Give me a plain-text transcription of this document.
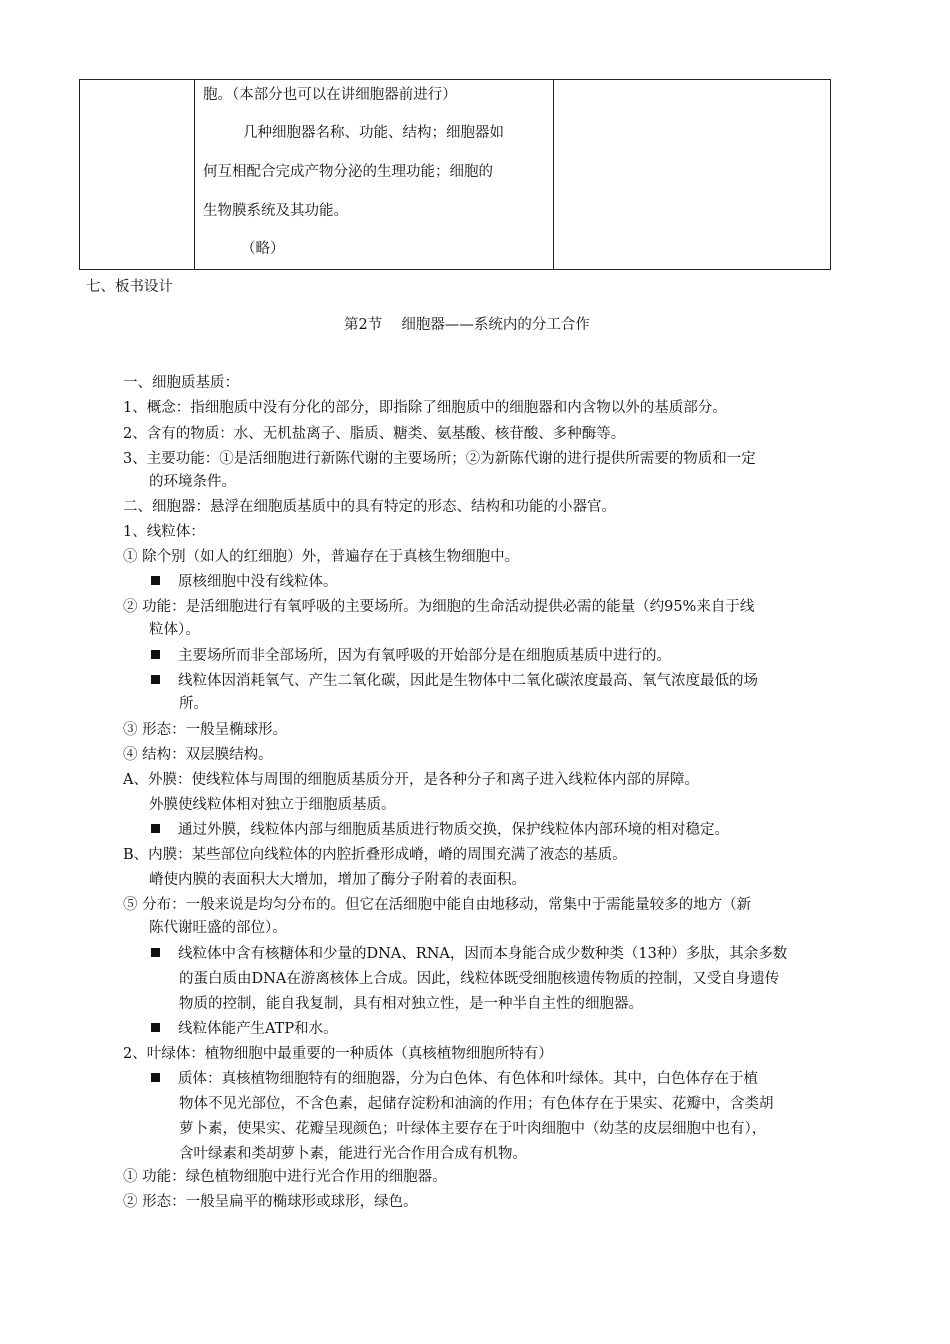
胞。（本部分也可以在讲细胞器前进行）
几种细胞器名称、功能、结构；细胞器如
何互相配合完成产物分泌的生理功能；细胞的
生物膜系统及其功能。
（略）
七、板书设计
第2节　 细胞器——系统内的分工合作
一、细胞质基质：
1、概念：指细胞质中没有分化的部分，即指除了细胞质中的细胞器和内含物以外的基质部分。
2、含有的物质：水、无机盐离子、脂质、糖类、氨基酸、核苷酸、多种酶等。
3、主要功能：①是活细胞进行新陈代谢的主要场所；②为新陈代谢的进行提供所需要的物质和一定
的环境条件。
二、细胞器：悬浮在细胞质基质中的具有特定的形态、结构和功能的小器官。
1、线粒体：
① 除个别（如人的红细胞）外，普遍存在于真核生物细胞中。
原核细胞中没有线粒体。
② 功能：是活细胞进行有氧呼吸的主要场所。为细胞的生命活动提供必需的能量（约95%来自于线
粒体）。
主要场所而非全部场所，因为有氧呼吸的开始部分是在细胞质基质中进行的。
线粒体因消耗氧气、产生二氧化碳，因此是生物体中二氧化碳浓度最高、氧气浓度最低的场
所。
③ 形态：一般呈椭球形。
④ 结构：双层膜结构。
A、外膜：使线粒体与周围的细胞质基质分开，是各种分子和离子进入线粒体内部的屏障。
外膜使线粒体相对独立于细胞质基质。
通过外膜，线粒体内部与细胞质基质进行物质交换，保护线粒体内部环境的相对稳定。
B、内膜：某些部位向线粒体的内腔折叠形成嵴，嵴的周围充满了液态的基质。
嵴使内膜的表面积大大增加，增加了酶分子附着的表面积。
⑤ 分布：一般来说是均匀分布的。但它在活细胞中能自由地移动，常集中于需能量较多的地方（新
陈代谢旺盛的部位）。
线粒体中含有核糖体和少量的DNA、RNA，因而本身能合成少数种类（13种）多肽，其余多数
的蛋白质由DNA在游离核体上合成。因此，线粒体既受细胞核遗传物质的控制，又受自身遗传
物质的控制，能自我复制，具有相对独立性，是一种半自主性的细胞器。
线粒体能产生ATP和水。
2、叶绿体：植物细胞中最重要的一种质体（真核植物细胞所特有）
质体：真核植物细胞特有的细胞器，分为白色体、有色体和叶绿体。其中，白色体存在于植
物体不见光部位，不含色素，起储存淀粉和油滴的作用；有色体存在于果实、花瓣中，含类胡
萝卜素，使果实、花瓣呈现颜色；叶绿体主要存在于叶肉细胞中（幼茎的皮层细胞中也有），
含叶绿素和类胡萝卜素，能进行光合作用合成有机物。
① 功能：绿色植物细胞中进行光合作用的细胞器。
② 形态：一般呈扁平的椭球形或球形，绿色。
